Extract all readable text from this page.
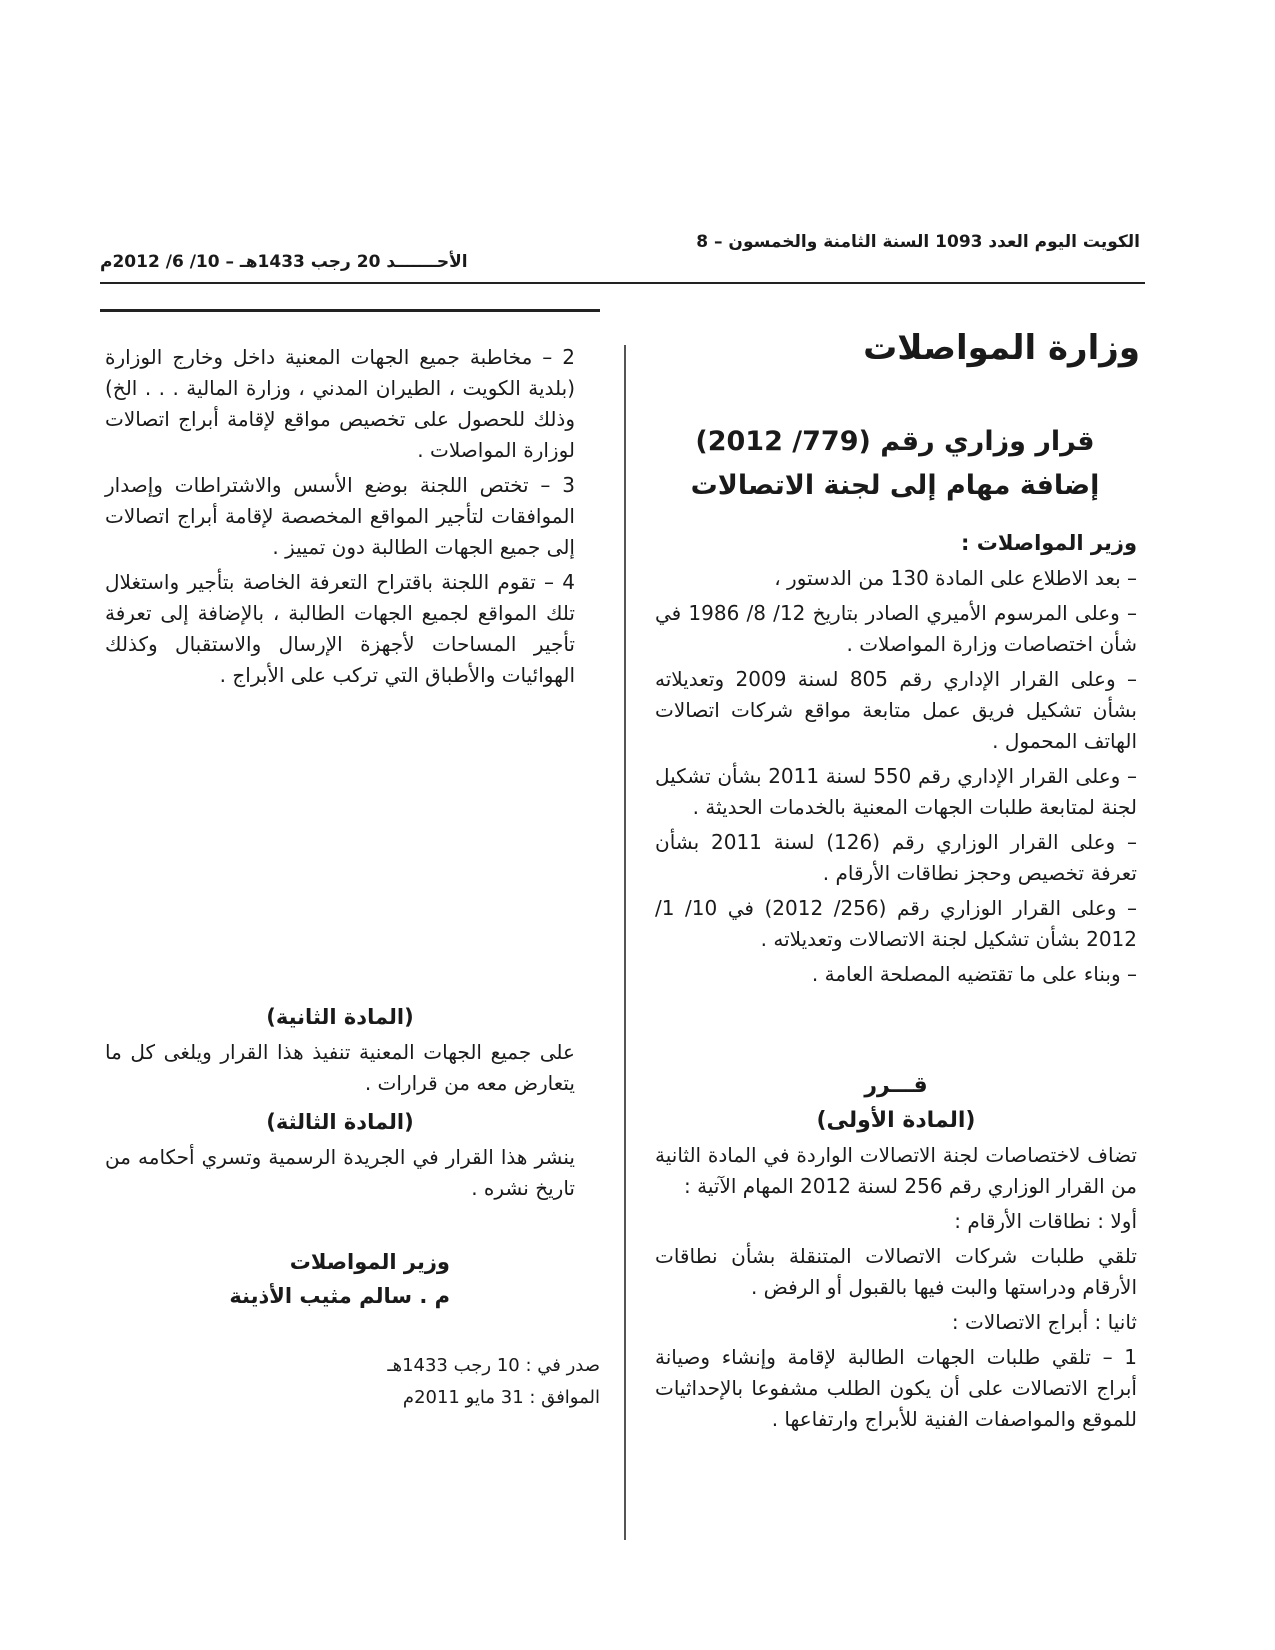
الكويت اليوم العدد 1093 السنة الثامنة والخمسون – 8
الأحـــــــد 20 رجب 1433هـ – 10/ 6/ 2012م
وزارة المواصلات
قرار وزاري رقم (779/ 2012)
إضافة مهام إلى لجنة الاتصالات

وزير المواصلات :

– بعد الاطلاع على المادة 130 من الدستور ،

– وعلى المرسوم الأميري الصادر بتاريخ 12/ 8/ 1986 في شأن اختصاصات وزارة المواصلات .

– وعلى القرار الإداري رقم 805 لسنة 2009 وتعديلاته بشأن تشكيل فريق عمل متابعة مواقع شركات اتصالات الهاتف المحمول .

– وعلى القرار الإداري رقم 550 لسنة 2011 بشأن تشكيل لجنة لمتابعة طلبات الجهات المعنية بالخدمات الحديثة .

– وعلى القرار الوزاري رقم (126) لسنة 2011 بشأن تعرفة تخصيص وحجز نطاقات الأرقام .

– وعلى القرار الوزاري رقم (256/ 2012) في 10/ 1/ 2012 بشأن تشكيل لجنة الاتصالات وتعديلاته .

– وبناء على ما تقتضيه المصلحة العامة .

قـــرر

(المادة الأولى)

تضاف لاختصاصات لجنة الاتصالات الواردة في المادة الثانية من القرار الوزاري رقم 256 لسنة 2012 المهام الآتية :

أولا : نطاقات الأرقام :

تلقي طلبات شركات الاتصالات المتنقلة بشأن نطاقات الأرقام ودراستها والبت فيها بالقبول أو الرفض .

ثانيا : أبراج الاتصالات :

1 – تلقي طلبات الجهات الطالبة لإقامة وإنشاء وصيانة أبراج الاتصالات على أن يكون الطلب مشفوعا بالإحداثيات للموقع والمواصفات الفنية للأبراج وارتفاعها .

2 – مخاطبة جميع الجهات المعنية داخل وخارج الوزارة (بلدية الكويت ، الطيران المدني ، وزارة المالية . . . الخ) وذلك للحصول على تخصيص مواقع لإقامة أبراج اتصالات لوزارة المواصلات .

3 – تختص اللجنة بوضع الأسس والاشتراطات وإصدار الموافقات لتأجير المواقع المخصصة لإقامة أبراج اتصالات إلى جميع الجهات الطالبة دون تمييز .

4 – تقوم اللجنة باقتراح التعرفة الخاصة بتأجير واستغلال تلك المواقع لجميع الجهات الطالبة ، بالإضافة إلى تعرفة تأجير المساحات لأجهزة الإرسال والاستقبال وكذلك الهوائيات والأطباق التي تركب على الأبراج .

(المادة الثانية)

على جميع الجهات المعنية تنفيذ هذا القرار ويلغى كل ما يتعارض معه من قرارات .

(المادة الثالثة)

ينشر هذا القرار في الجريدة الرسمية وتسري أحكامه من تاريخ نشره .

وزير المواصلات
م . سالم مثيب الأذينة
صدر في : 10 رجب 1433هـ
الموافق : 31 مايو 2011م
